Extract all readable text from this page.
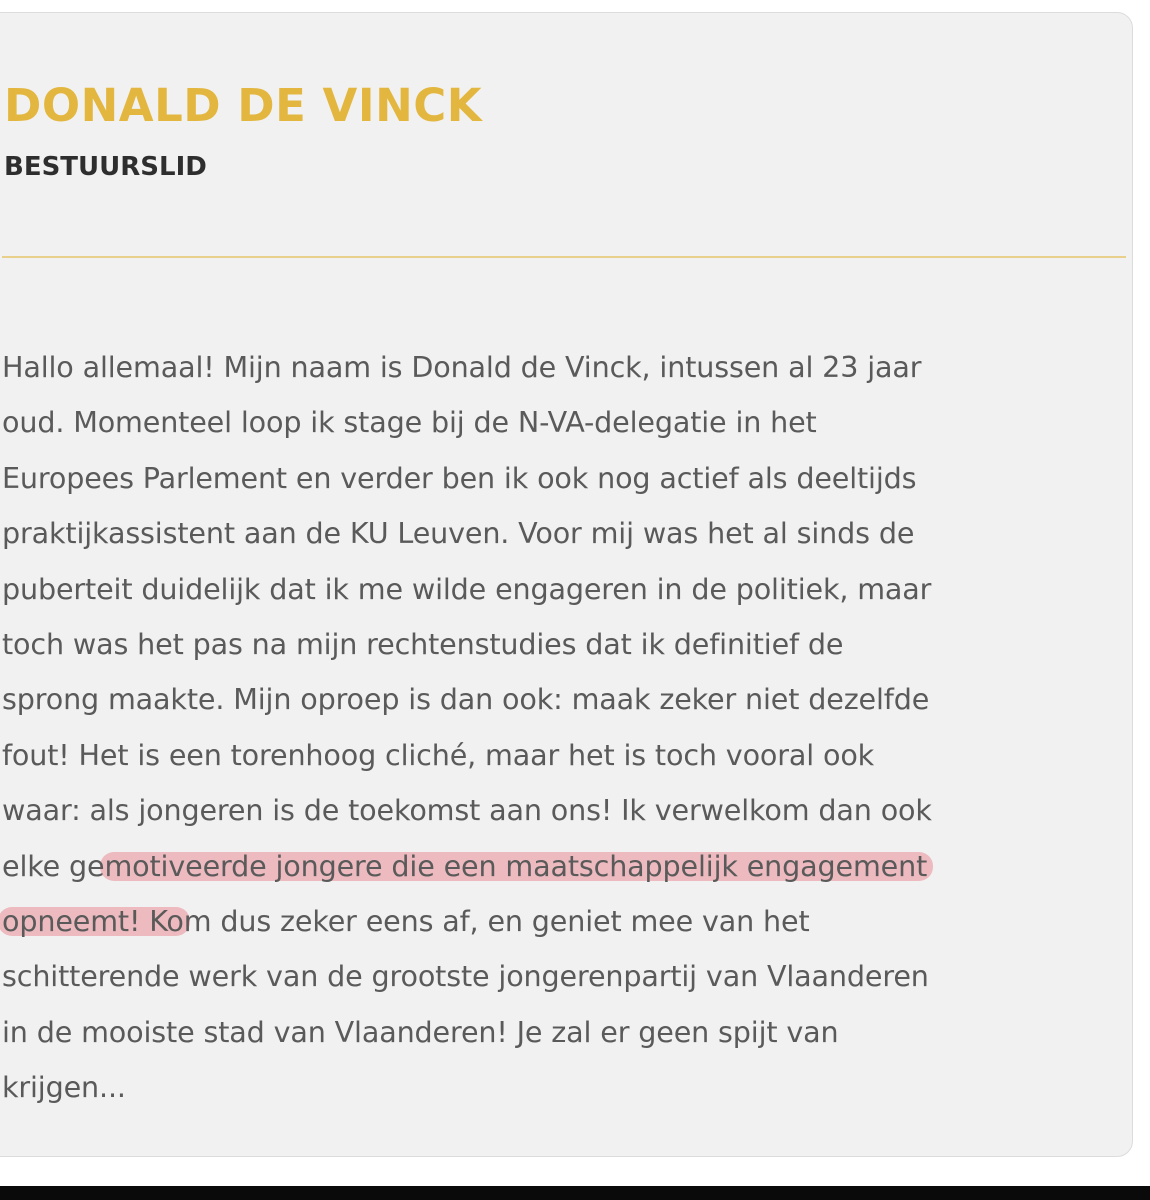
DONALD DE VINCK
BESTUURSLID
Hallo allemaal! Mijn naam is Donald de Vinck, intussen al 23 jaar
oud. Momenteel loop ik stage bij de N-VA-delegatie in het
Europees Parlement en verder ben ik ook nog actief als deeltijds
praktijkassistent aan de KU Leuven. Voor mij was het al sinds de
puberteit duidelijk dat ik me wilde engageren in de politiek, maar
toch was het pas na mijn rechtenstudies dat ik definitief de
sprong maakte. Mijn oproep is dan ook: maak zeker niet dezelfde
fout! Het is een torenhoog cliché, maar het is toch vooral ook
waar: als jongeren is de toekomst aan ons! Ik verwelkom dan ook
elke gemotiveerde jongere die een maatschappelijk engagement
opneemt! Kom dus zeker eens af, en geniet mee van het
schitterende werk van de grootste jongerenpartij van Vlaanderen
in de mooiste stad van Vlaanderen! Je zal er geen spijt van
krijgen...
